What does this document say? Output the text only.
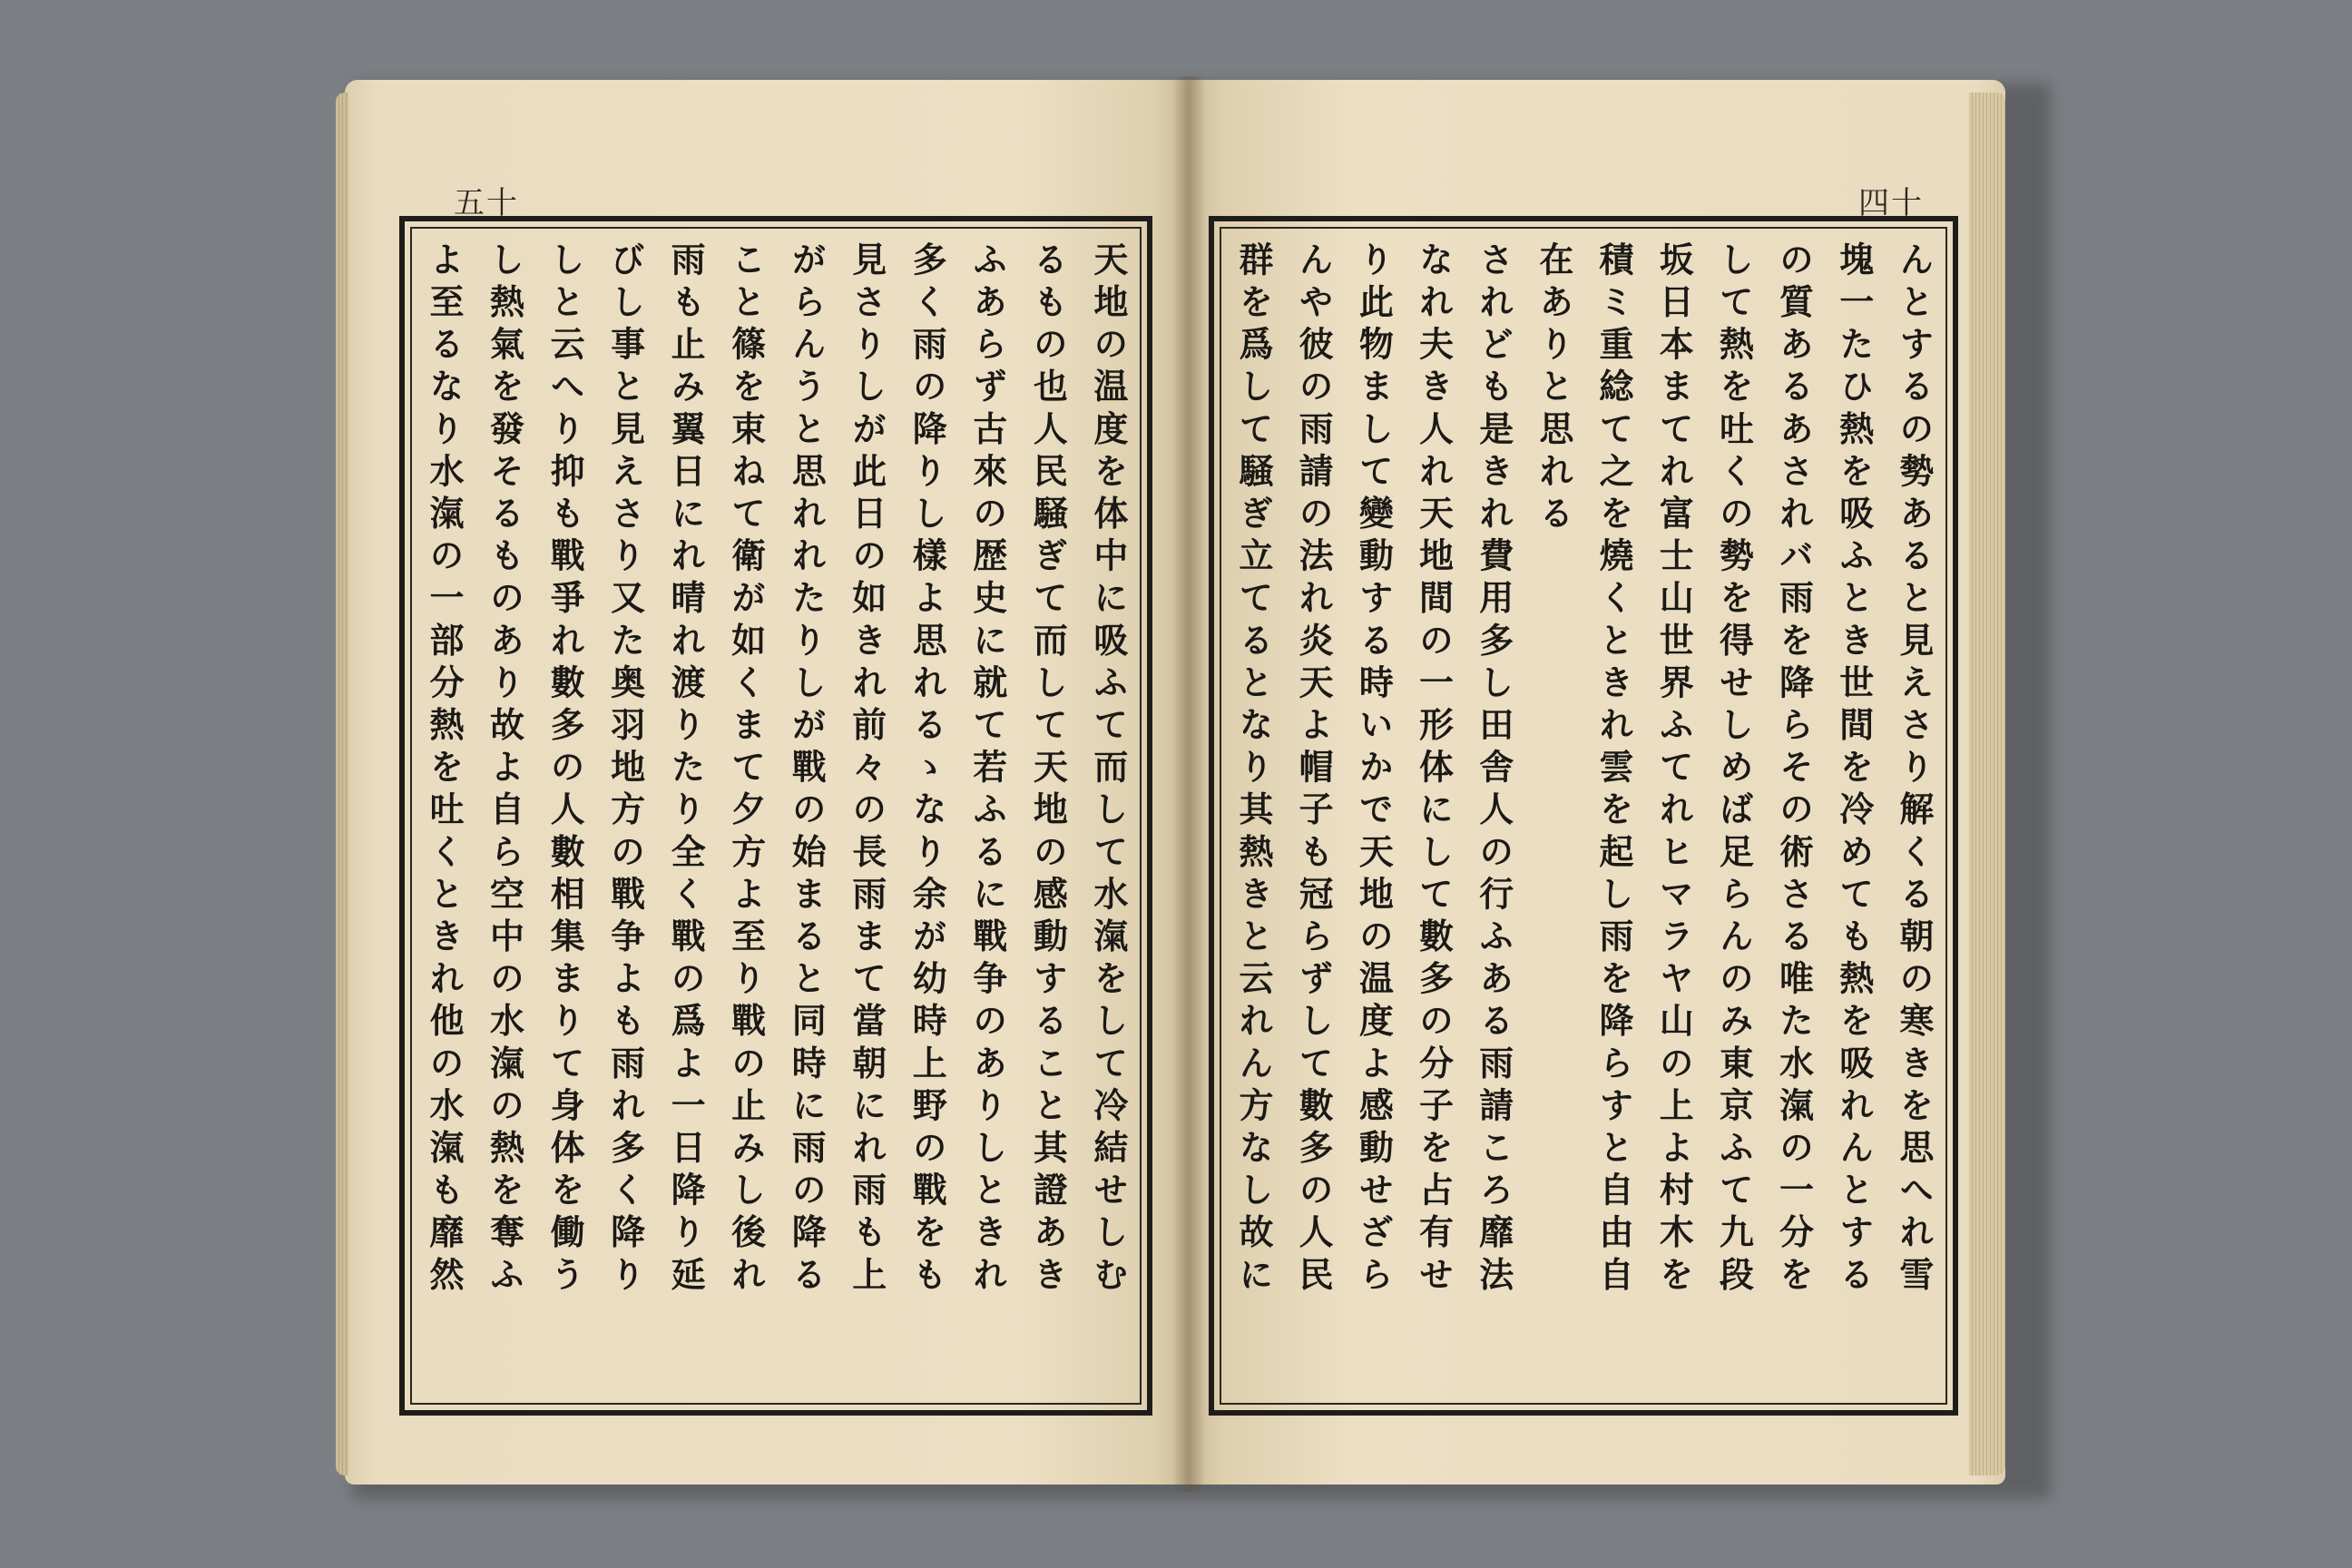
五十
天地の温度を体中に吸ふて而して水滊をして冷結せしむ
るもの也人民騒ぎて而して天地の感動すること其證あき
ふあらず古來の歴史に就て若ふるに戰争のありしときれ
多く雨の降りし樣よ思れるゝなり余が幼時上野の戰をも
見さりしが此日の如きれ前々の長雨まて當朝にれ雨も上
がらんうと思れれたりしが戰の始まると同時に雨の降る
こと篠を束ねて衛が如くまて夕方よ至り戰の止みし後れ
雨も止み翼日にれ晴れ渡りたり全く戰の爲よ一日降り延
びし事と見えさり又た奥羽地方の戰争よも雨れ多く降り
しと云へり抑も戰爭れ數多の人數相集まりて身体を働う
し熱氣を發そるものあり故よ自ら空中の水滊の熱を奪ふ
よ至るなり水滊の一部分熱を吐くときれ他の水滊も靡然
四十
んとするの勢あると見えさり解くる朝の寒きを思へれ雪
塊一たひ熱を吸ふとき世間を冷めても熱を吸れんとする
の質あるあされバ雨を降らその術さる唯た水滊の一分を
して熱を吐くの勢を得せしめば足らんのみ東京ふて九段
坂日本まてれ富士山世界ふてれヒマラヤ山の上よ村木を
積ミ重𦁤て之を燒くときれ雲を起し雨を降らすと自由自
在ありと思れる
されども是きれ費用多し田舎人の行ふある雨請ころ靡法
なれ夫き人れ天地間の一形体にして數多の分子を占有せ
り此物まして變動する時いかで天地の温度よ感動せざら
んや彼の雨請の法れ炎天よ帽子も冠らずして數多の人民
群を爲して騒ぎ立てるとなり其熱きと云れん方なし故に
